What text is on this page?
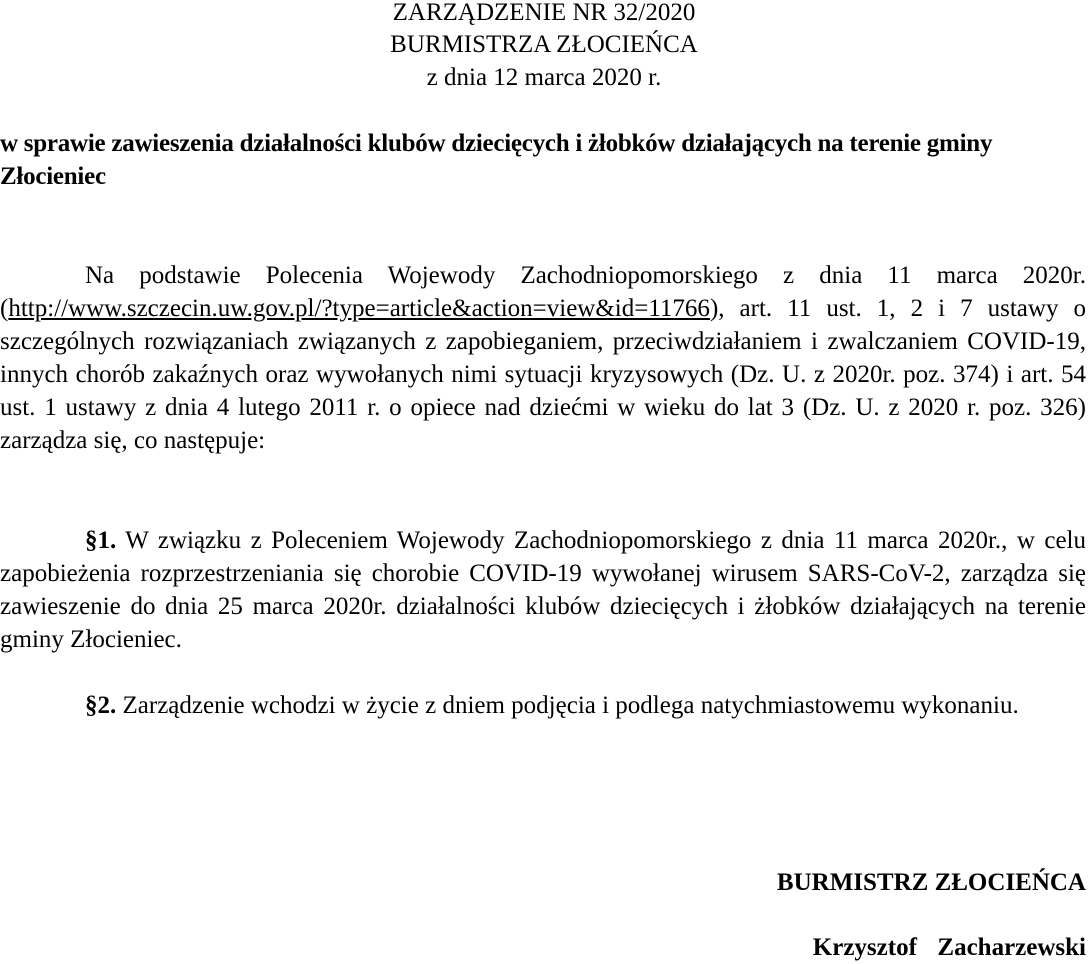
ZARZĄDZENIE NR 32/2020
BURMISTRZA ZŁOCIEŃCA
z dnia 12 marca 2020 r.
w sprawie zawieszenia działalności klubów dziecięcych i żłobków działających na terenie gminy Złocieniec

Na podstawie Polecenia Wojewody Zachodniopomorskiego z dnia 11 marca 2020r. (http://www.szczecin.uw.gov.pl/?type=article&action=view&id=11766), art. 11 ust. 1, 2 i 7 ustawy o szczególnych rozwiązaniach związanych z zapobieganiem, przeciwdziałaniem i zwalczaniem COVID-19, innych chorób zakaźnych oraz wywołanych nimi sytuacji kryzysowych (Dz. U. z 2020r. poz. 374) i art. 54 ust. 1 ustawy z dnia 4 lutego 2011 r. o opiece nad dziećmi w wieku do lat 3 (Dz. U. z 2020 r. poz. 326) zarządza się, co następuje:

§1. W związku z Poleceniem Wojewody Zachodniopomorskiego z dnia 11 marca 2020r., w celu zapobieżenia rozprzestrzeniania się chorobie COVID-19 wywołanej wirusem SARS-CoV-2, zarządza się zawieszenie do dnia 25 marca 2020r. działalności klubów dziecięcych i żłobków działających na terenie gminy Złocieniec.

§2. Zarządzenie wchodzi w życie z dniem podjęcia i podlega natychmiastowemu wykonaniu.

BURMISTRZ ZŁOCIEŃCA
Krzysztof  Zacharzewski
